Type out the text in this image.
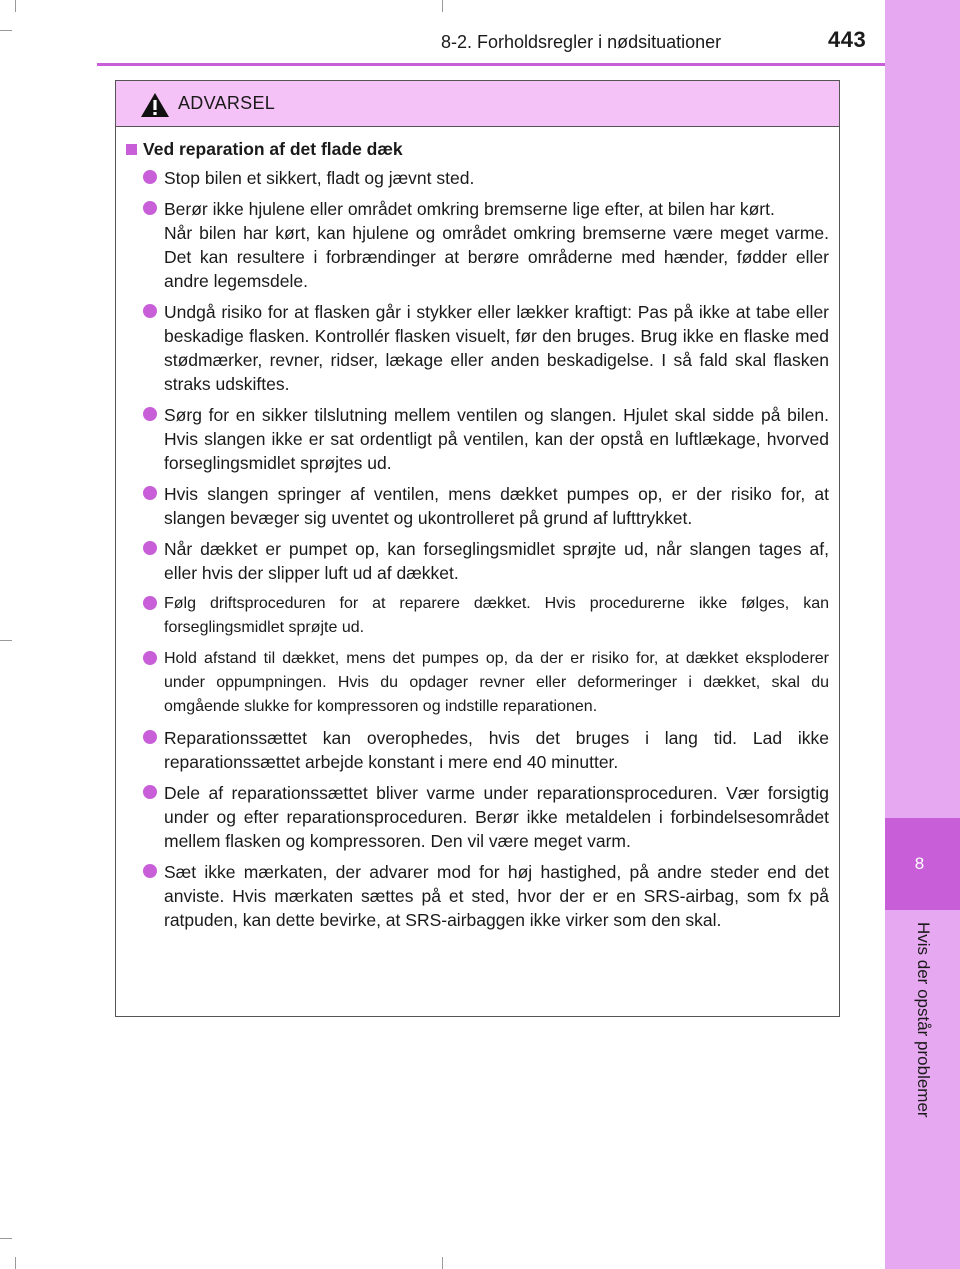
8-2. Forholdsregler i nødsituationer	443
8
Hvis der opstår problemer
ADVARSEL
Ved reparation af det flade dæk

Stop bilen et sikkert, fladt og jævnt sted.

Berør ikke hjulene eller området omkring bremserne lige efter, at bilen har kørt.

Når bilen har kørt, kan hjulene og området omkring bremserne være meget varme. Det kan resultere i forbrændinger at berøre områderne med hænder, fødder eller andre legemsdele.

Undgå risiko for at flasken går i stykker eller lækker kraftigt: Pas på ikke at tabe eller beskadige flasken. Kontrollér flasken visuelt, før den bruges. Brug ikke en flaske med stødmærker, revner, ridser, lækage eller anden beskadigelse. I så fald skal flasken straks udskiftes.

Sørg for en sikker tilslutning mellem ventilen og slangen. Hjulet skal sidde på bilen. Hvis slangen ikke er sat ordentligt på ventilen, kan der opstå en luftlækage, hvorved forseglingsmidlet sprøjtes ud.

Hvis slangen springer af ventilen, mens dækket pumpes op, er der risiko for, at slangen bevæger sig uventet og ukontrolleret på grund af lufttrykket.

Når dækket er pumpet op, kan forseglingsmidlet sprøjte ud, når slangen tages af, eller hvis der slipper luft ud af dækket.

Følg driftsproceduren for at reparere dækket. Hvis procedurerne ikke følges, kan forseglingsmidlet sprøjte ud.

Hold afstand til dækket, mens det pumpes op, da der er risiko for, at dækket eksploderer under oppumpningen. Hvis du opdager revner eller deformeringer i dækket, skal du omgående slukke for kompressoren og indstille reparationen.

Reparationssættet kan overophedes, hvis det bruges i lang tid. Lad ikke reparationssættet arbejde konstant i mere end 40 minutter.

Dele af reparationssættet bliver varme under reparationsproceduren. Vær forsigtig under og efter reparationsproceduren. Berør ikke metaldelen i forbindelsesområdet mellem flasken og kompressoren. Den vil være meget varm.

Sæt ikke mærkaten, der advarer mod for høj hastighed, på andre steder end det anviste. Hvis mærkaten sættes på et sted, hvor der er en SRS-airbag, som fx på ratpuden, kan dette bevirke, at SRS-airbaggen ikke virker som den skal.
